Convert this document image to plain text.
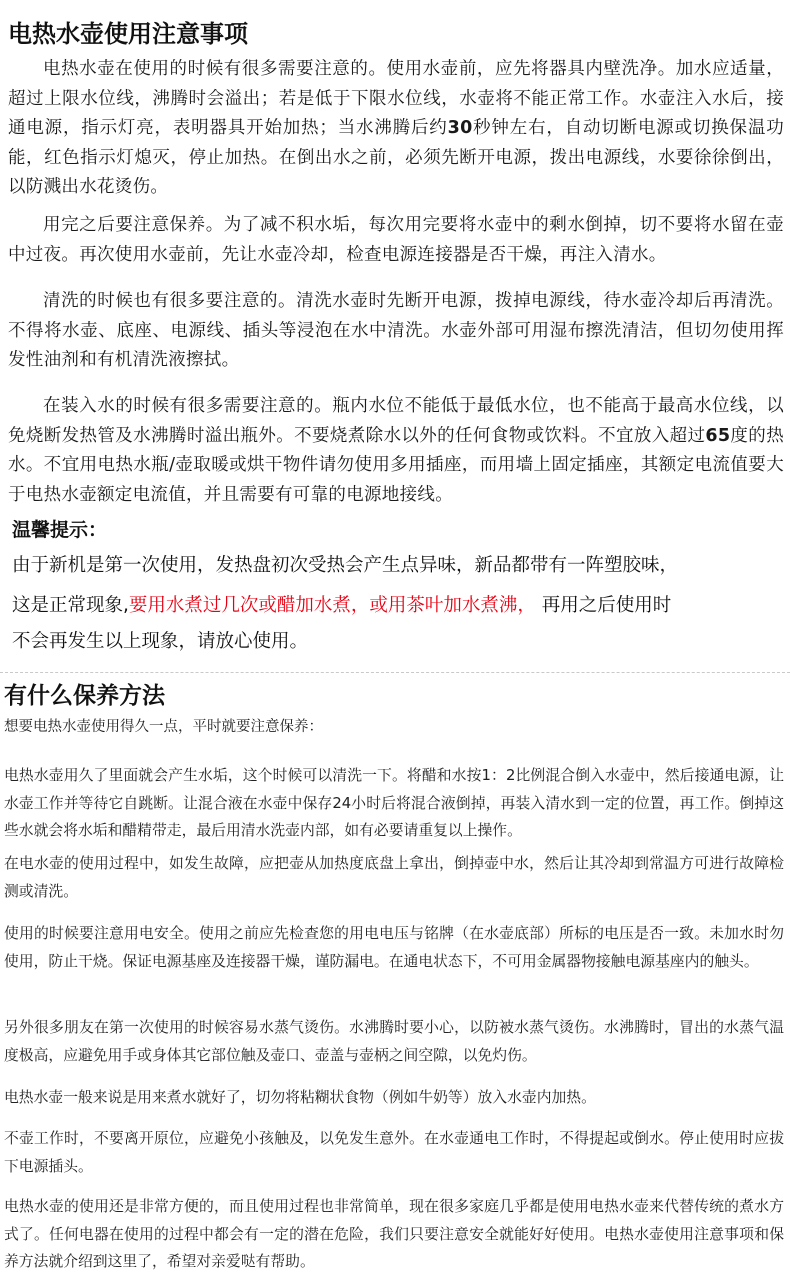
电热水壶使用注意事项

电热水壶在使用的时候有很多需要注意的。使用水壶前，应先将器具内壁洗净。加水应适量，超过上限水位线，沸腾时会溢出；若是低于下限水位线，水壶将不能正常工作。水壶注入水后，接通电源，指示灯亮，表明器具开始加热；当水沸腾后约30秒钟左右，自动切断电源或切换保温功能，红色指示灯熄灭，停止加热。在倒出水之前，必须先断开电源，拨出电源线，水要徐徐倒出，以防溅出水花烫伤。

用完之后要注意保养。为了减不积水垢，每次用完要将水壶中的剩水倒掉，切不要将水留在壶中过夜。再次使用水壶前，先让水壶冷却，检查电源连接器是否干燥，再注入清水。

清洗的时候也有很多要注意的。清洗水壶时先断开电源，拨掉电源线，待水壶冷却后再清洗。不得将水壶、底座、电源线、插头等浸泡在水中清洗。水壶外部可用湿布擦洗清洁，但切勿使用挥发性油剂和有机清洗液擦拭。

在装入水的时候有很多需要注意的。瓶内水位不能低于最低水位，也不能高于最高水位线，以免烧断发热管及水沸腾时溢出瓶外。不要烧煮除水以外的任何食物或饮料。不宜放入超过65度的热水。不宜用电热水瓶/壶取暖或烘干物件请勿使用多用插座，而用墙上固定插座，其额定电流值要大于电热水壶额定电流值，并且需要有可靠的电源地接线。

温馨提示：

由于新机是第一次使用，发热盘初次受热会产生点异味，新品都带有一阵塑胶味，

这是正常现象,要用水煮过几次或醋加水煮，或用茶叶加水煮沸， 再用之后使用时

不会再发生以上现象，请放心使用。

有什么保养方法

想要电热水壶使用得久一点，平时就要注意保养：

电热水壶用久了里面就会产生水垢，这个时候可以清洗一下。将醋和水按1：2比例混合倒入水壶中，然后接通电源，让水壶工作并等待它自跳断。让混合液在水壶中保存24小时后将混合液倒掉，再装入清水到一定的位置，再工作。倒掉这些水就会将水垢和醋精带走，最后用清水洗壶内部，如有必要请重复以上操作。

在电水壶的使用过程中，如发生故障，应把壶从加热度底盘上拿出，倒掉壶中水，然后让其冷却到常温方可进行故障检测或清洗。

使用的时候要注意用电安全。使用之前应先检查您的用电电压与铭牌（在水壶底部）所标的电压是否一致。未加水时勿使用，防止干烧。保证电源基座及连接器干燥，谨防漏电。在通电状态下，不可用金属器物接触电源基座内的触头。

另外很多朋友在第一次使用的时候容易水蒸气烫伤。水沸腾时要小心，以防被水蒸气烫伤。水沸腾时，冒出的水蒸气温度极高，应避免用手或身体其它部位触及壶口、壶盖与壶柄之间空隙，以免灼伤。

电热水壶一般来说是用来煮水就好了，切勿将粘糊状食物（例如牛奶等）放入水壶内加热。

不壶工作时，不要离开原位，应避免小孩触及，以免发生意外。在水壶通电工作时，不得提起或倒水。停止使用时应拔下电源插头。

电热水壶的使用还是非常方便的，而且使用过程也非常简单，现在很多家庭几乎都是使用电热水壶来代替传统的煮水方式了。任何电器在使用的过程中都会有一定的潜在危险，我们只要注意安全就能好好使用。电热水壶使用注意事项和保养方法就介绍到这里了，希望对亲爱哒有帮助。
